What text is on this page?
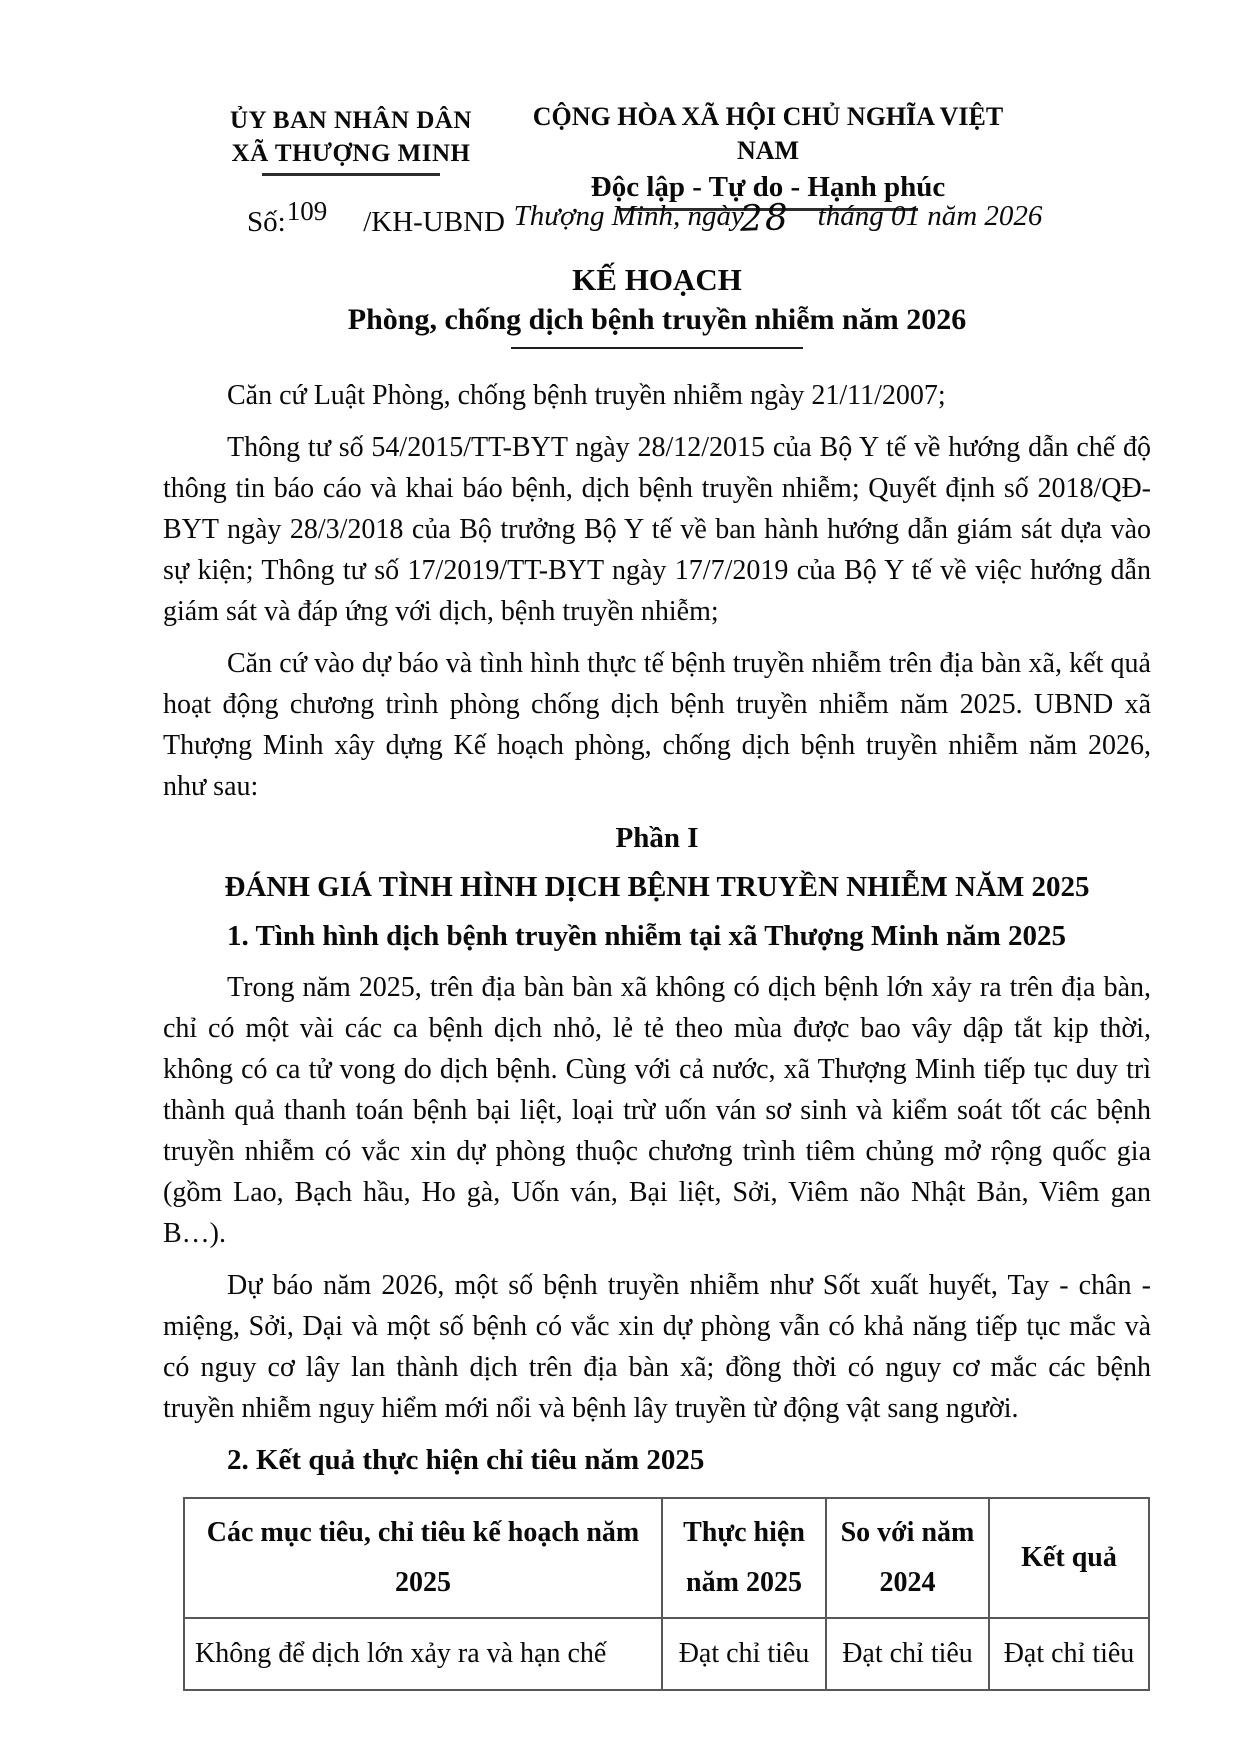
ỦY BAN NHÂN DÂN
XÃ THƯỢNG MINH
CỘNG HÒA XÃ HỘI CHỦ NGHĨA VIỆT NAM
Độc lập - Tự do - Hạnh phúc
Số:109 /KH-UBND Thượng Minh, ngày28 tháng 01 năm 2026
KẾ HOẠCH
Phòng, chống dịch bệnh truyền nhiễm năm 2026

Căn cứ Luật Phòng, chống bệnh truyền nhiễm ngày 21/11/2007;

Thông tư số 54/2015/TT-BYT ngày 28/12/2015 của Bộ Y tế về hướng dẫn chế độ thông tin báo cáo và khai báo bệnh, dịch bệnh truyền nhiễm; Quyết định số 2018/QĐ-BYT ngày 28/3/2018 của Bộ trưởng Bộ Y tế về ban hành hướng dẫn giám sát dựa vào sự kiện; Thông tư số 17/2019/TT-BYT ngày 17/7/2019 của Bộ Y tế về việc hướng dẫn giám sát và đáp ứng với dịch, bệnh truyền nhiễm;

Căn cứ vào dự báo và tình hình thực tế bệnh truyền nhiễm trên địa bàn xã, kết quả hoạt động chương trình phòng chống dịch bệnh truyền nhiễm năm 2025. UBND xã Thượng Minh xây dựng Kế hoạch phòng, chống dịch bệnh truyền nhiễm năm 2026, như sau:

Phần I
ĐÁNH GIÁ TÌNH HÌNH DỊCH BỆNH TRUYỀN NHIỄM NĂM 2025
1. Tình hình dịch bệnh truyền nhiễm tại xã Thượng Minh năm 2025

Trong năm 2025, trên địa bàn bàn xã không có dịch bệnh lớn xảy ra trên địa bàn, chỉ có một vài các ca bệnh dịch nhỏ, lẻ tẻ theo mùa được bao vây dập tắt kịp thời, không có ca tử vong do dịch bệnh. Cùng với cả nước, xã Thượng Minh tiếp tục duy trì thành quả thanh toán bệnh bại liệt, loại trừ uốn ván sơ sinh và kiểm soát tốt các bệnh truyền nhiễm có vắc xin dự phòng thuộc chương trình tiêm chủng mở rộng quốc gia (gồm Lao, Bạch hầu, Ho gà, Uốn ván, Bại liệt, Sởi, Viêm não Nhật Bản, Viêm gan B…).

Dự báo năm 2026, một số bệnh truyền nhiễm như Sốt xuất huyết, Tay - chân - miệng, Sởi, Dại và một số bệnh có vắc xin dự phòng vẫn có khả năng tiếp tục mắc và có nguy cơ lây lan thành dịch trên địa bàn xã; đồng thời có nguy cơ mắc các bệnh truyền nhiễm nguy hiểm mới nổi và bệnh lây truyền từ động vật sang người.

2. Kết quả thực hiện chỉ tiêu năm 2025
Các mục tiêu, chỉ tiêu kế hoạch năm 2025	Thực hiện năm 2025	So với năm 2024	Kết quả
Không để dịch lớn xảy ra và hạn chế	Đạt chỉ tiêu	Đạt chỉ tiêu	Đạt chỉ tiêu
